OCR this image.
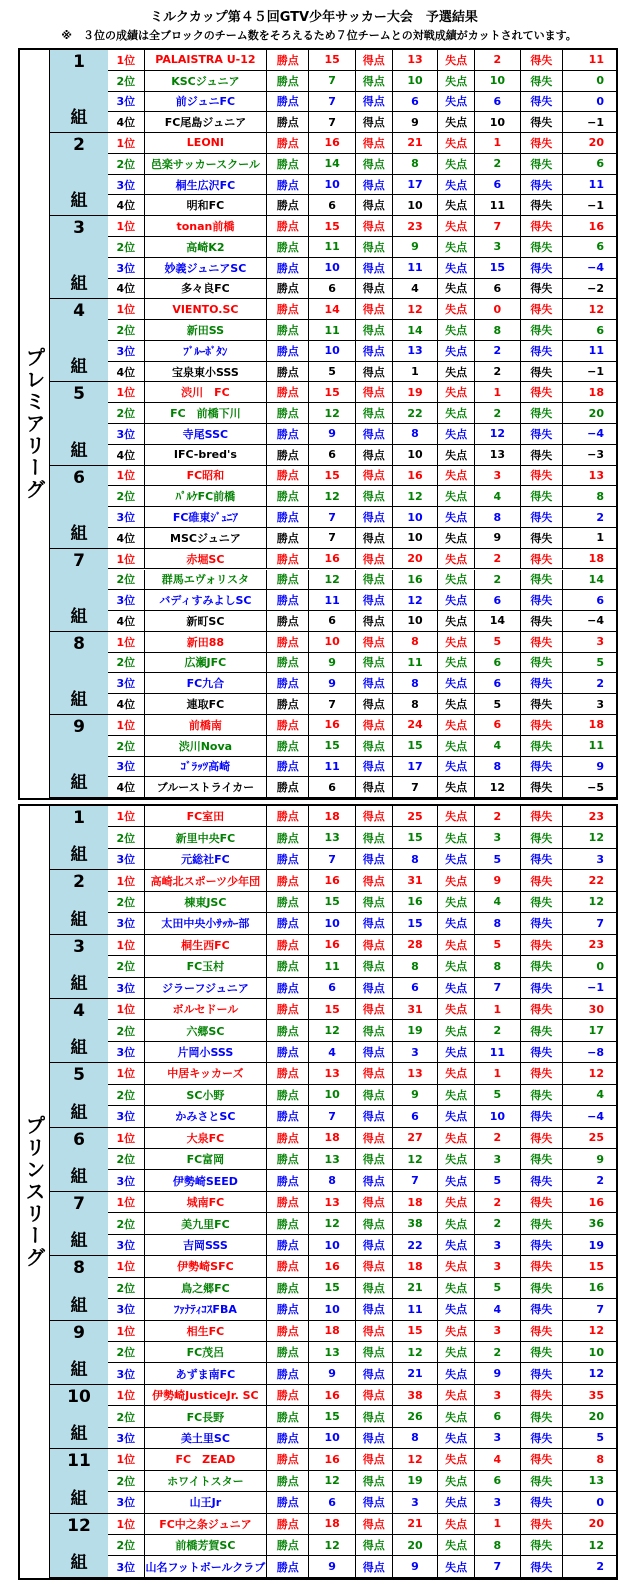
ミルクカップ第４５回GTV少年サッカー大会　予選結果
※　３位の成績は全ブロックのチーム数をそろえるため７位チームとの対戦成績がカットされています。
プレミアリーグ
1
組
1位	PALAISTRA U-12	勝点	15	得点	13	失点	2	得失	11
2位	KSCジュニア	勝点	7	得点	10	失点	10	得失	0
3位	前ジュニFC	勝点	7	得点	6	失点	6	得失	0
4位	FC尾島ジュニア	勝点	7	得点	9	失点	10	得失	−1
2
組
1位	LEONI	勝点	16	得点	21	失点	1	得失	20
2位	邑楽サッカースクール	勝点	14	得点	8	失点	2	得失	6
3位	桐生広沢FC	勝点	10	得点	17	失点	6	得失	11
4位	明和FC	勝点	6	得点	10	失点	11	得失	−1
3
組
1位	tonan前橋	勝点	15	得点	23	失点	7	得失	16
2位	高崎K2	勝点	11	得点	9	失点	3	得失	6
3位	妙義ジュニアSC	勝点	10	得点	11	失点	15	得失	−4
4位	多々良FC	勝点	6	得点	4	失点	6	得失	−2
4
組
1位	VIENTO.SC	勝点	14	得点	12	失点	0	得失	12
2位	新田SS	勝点	11	得点	14	失点	8	得失	6
3位	ﾌﾞﾙｰﾎﾞﾀﾝ	勝点	10	得点	13	失点	2	得失	11
4位	宝泉東小SSS	勝点	5	得点	1	失点	2	得失	−1
5
組
1位	渋川　FC	勝点	15	得点	19	失点	1	得失	18
2位	FC　前橋下川	勝点	12	得点	22	失点	2	得失	20
3位	寺尾SSC	勝点	9	得点	8	失点	12	得失	−4
4位	IFC-bred's	勝点	6	得点	10	失点	13	得失	−3
6
組
1位	FC昭和	勝点	15	得点	16	失点	3	得失	13
2位	ﾊﾟﾙｹFC前橋	勝点	12	得点	12	失点	4	得失	8
3位	FC碓東ｼﾞｭﾆｱ	勝点	7	得点	10	失点	8	得失	2
4位	MSCジュニア	勝点	7	得点	10	失点	9	得失	1
7
組
1位	赤堀SC	勝点	16	得点	20	失点	2	得失	18
2位	群馬エヴォリスタ	勝点	12	得点	16	失点	2	得失	14
3位	バディすみよしSC	勝点	11	得点	12	失点	6	得失	6
4位	新町SC	勝点	6	得点	10	失点	14	得失	−4
8
組
1位	新田88	勝点	10	得点	8	失点	5	得失	3
2位	広瀬JFC	勝点	9	得点	11	失点	6	得失	5
3位	FC九合	勝点	9	得点	8	失点	6	得失	2
4位	連取FC	勝点	7	得点	8	失点	5	得失	3
9
組
1位	前橋南	勝点	16	得点	24	失点	6	得失	18
2位	渋川Nova	勝点	15	得点	15	失点	4	得失	11
3位	ｺﾞﾗｯﾂ高崎	勝点	11	得点	17	失点	8	得失	9
4位	ブルーストライカー	勝点	6	得点	7	失点	12	得失	−5
プリンスリーグ
1
組
1位	FC室田	勝点	18	得点	25	失点	2	得失	23
2位	新里中央FC	勝点	13	得点	15	失点	3	得失	12
3位	元総社FC	勝点	7	得点	8	失点	5	得失	3
2
組
1位	高崎北スポーツ少年団	勝点	16	得点	31	失点	9	得失	22
2位	棟東JSC	勝点	15	得点	16	失点	4	得失	12
3位	太田中央小ｻｯｶｰ部	勝点	10	得点	15	失点	8	得失	7
3
組
1位	桐生西FC	勝点	16	得点	28	失点	5	得失	23
2位	FC玉村	勝点	11	得点	8	失点	8	得失	0
3位	ジラーフジュニア	勝点	6	得点	6	失点	7	得失	−1
4
組
1位	ボルセドール	勝点	15	得点	31	失点	1	得失	30
2位	六郷SC	勝点	12	得点	19	失点	2	得失	17
3位	片岡小SSS	勝点	4	得点	3	失点	11	得失	−8
5
組
1位	中居キッカーズ	勝点	13	得点	13	失点	1	得失	12
2位	SC小野	勝点	10	得点	9	失点	5	得失	4
3位	かみさとSC	勝点	7	得点	6	失点	10	得失	−4
6
組
1位	大泉FC	勝点	18	得点	27	失点	2	得失	25
2位	FC富岡	勝点	13	得点	12	失点	3	得失	9
3位	伊勢崎SEED	勝点	8	得点	7	失点	5	得失	2
7
組
1位	城南FC	勝点	13	得点	18	失点	2	得失	16
2位	美九里FC	勝点	12	得点	38	失点	2	得失	36
3位	吉岡SSS	勝点	10	得点	22	失点	3	得失	19
8
組
1位	伊勢崎SFC	勝点	16	得点	18	失点	3	得失	15
2位	鳥之郷FC	勝点	15	得点	21	失点	5	得失	16
3位	ﾌｧﾅﾃｨｺｽFBA	勝点	10	得点	11	失点	4	得失	7
9
組
1位	相生FC	勝点	18	得点	15	失点	3	得失	12
2位	FC茂呂	勝点	13	得点	12	失点	2	得失	10
3位	あずま南FC	勝点	9	得点	21	失点	9	得失	12
10
組
1位	伊勢崎JusticeJr. SC	勝点	16	得点	38	失点	3	得失	35
2位	FC長野	勝点	15	得点	26	失点	6	得失	20
3位	美土里SC	勝点	10	得点	8	失点	3	得失	5
11
組
1位	FC　ZEAD	勝点	16	得点	12	失点	4	得失	8
2位	ホワイトスター	勝点	12	得点	19	失点	6	得失	13
3位	山王Jr	勝点	6	得点	3	失点	3	得失	0
12
組
1位	FC中之条ジュニア	勝点	18	得点	21	失点	1	得失	20
2位	前橋芳賀SC	勝点	12	得点	20	失点	8	得失	12
3位 山名フットボールクラブ	勝点	9	得点	9	失点	7	得失	2
